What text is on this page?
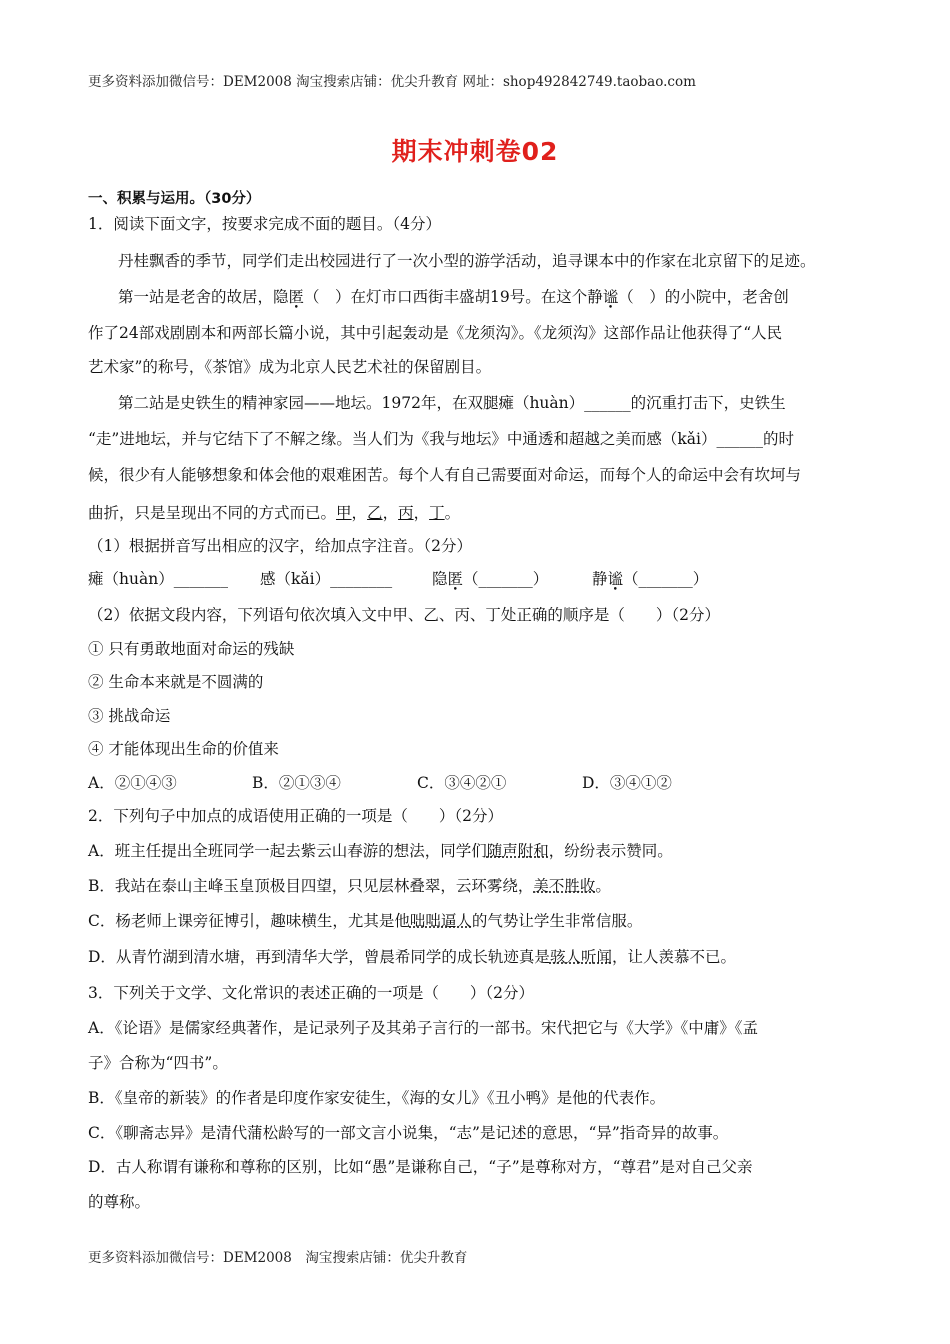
更多资料添加微信号：DEM2008 淘宝搜索店铺：优尖升教育 网址：shop492842749.taobao.com
期末冲刺卷02
一、积累与运用。（30分）
1．阅读下面文字，按要求完成不面的题目。（4分）
丹桂飘香的季节，同学们走出校园进行了一次小型的游学活动，追寻课本中的作家在北京留下的足迹。
第一站是老舍的故居，隐匿（　）在灯市口西街丰盛胡19号。在这个静谧（　）的小院中，老舍创
作了24部戏剧剧本和两部长篇小说，其中引起轰动是《龙须沟》。《龙须沟》这部作品让他获得了“人民
艺术家”的称号，《茶馆》成为北京人民艺术社的保留剧目。
第二站是史铁生的精神家园——地坛。1972年，在双腿瘫（huàn）______的沉重打击下，史铁生
“走”进地坛，并与它结下了不解之缘。当人们为《我与地坛》中通透和超越之美而感（kǎi）______的时
候，很少有人能够想象和体会他的艰难困苦。每个人有自己需要面对命运，而每个人的命运中会有坎坷与
曲折，只是呈现出不同的方式而已。甲，乙，丙，丁。
（1）根据拼音写出相应的汉字，给加点字注音。（2分）
瘫（huàn）_______ 感（kǎi）________	隐匿（_______）	静谧（_______）
（2）依据文段内容，下列语句依次填入文中甲、乙、丙、丁处正确的顺序是（　　）（2分）
① 只有勇敢地面对命运的残缺
② 生命本来就是不圆满的
③ 挑战命运
④ 才能体现出生命的价值来
A．②①④③	B．②①③④	C．③④②①	D．③④①②
2．下列句子中加点的成语使用正确的一项是（　　）（2分）
A．班主任提出全班同学一起去紫云山春游的想法，同学们随声附和，纷纷表示赞同。
B．我站在泰山主峰玉皇顶极目四望，只见层林叠翠，云环雾绕，美不胜收。
C．杨老师上课旁征博引，趣味横生，尤其是他咄咄逼人的气势让学生非常信服。
D．从青竹湖到清水塘，再到清华大学，曾晨希同学的成长轨迹真是骇人听闻，让人羡慕不已。
3．下列关于文学、文化常识的表述正确的一项是（　　）（2分）
A．《论语》是儒家经典著作，是记录列子及其弟子言行的一部书。宋代把它与《大学》《中庸》《孟
子》合称为“四书”。
B．《皇帝的新装》的作者是印度作家安徒生，《海的女儿》《丑小鸭》是他的代表作。
C．《聊斋志异》是清代蒲松龄写的一部文言小说集，“志”是记述的意思，“异”指奇异的故事。
D．古人称谓有谦称和尊称的区别，比如“愚”是谦称自己，“子”是尊称对方，“尊君”是对自己父亲
的尊称。
更多资料添加微信号：DEM2008　淘宝搜索店铺：优尖升教育
